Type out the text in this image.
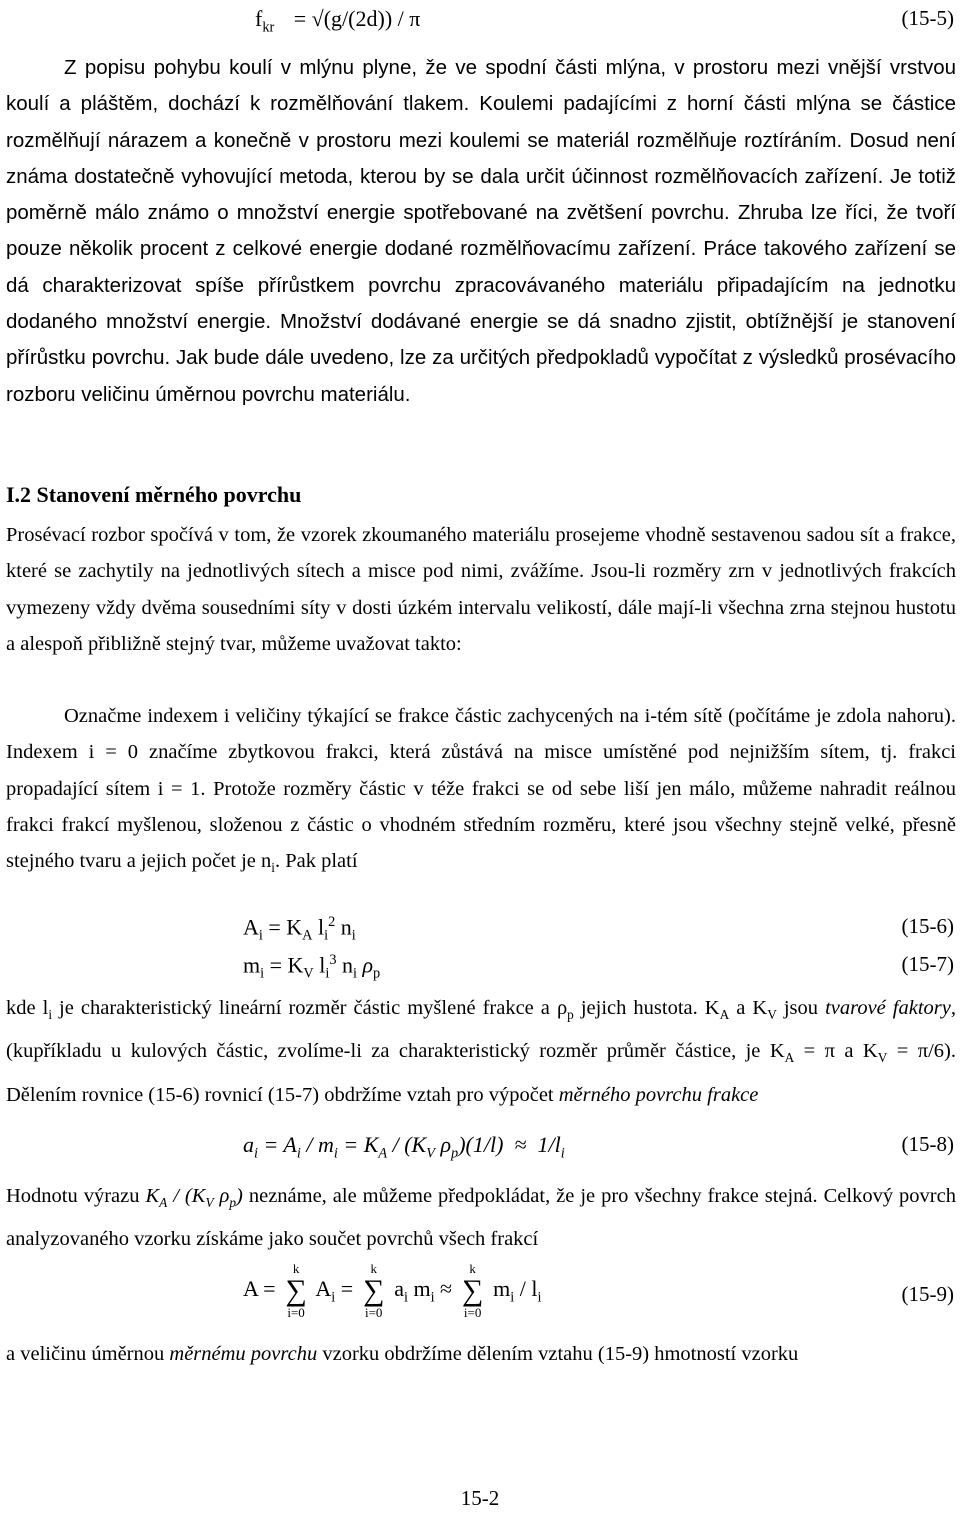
$f_{kr} = √(g/(2d)) / \pi$	(15-5)

Z popisu pohybu koulí v mlýnu plyne, že ve spodní části mlýna, v prostoru mezi vnější vrstvou koulí a pláštěm, dochází k rozmělňování tlakem. Koulemi padajícími z horní části mlýna se částice rozmělňují nárazem a konečně v prostoru mezi koulemi se materiál rozmělňuje roztíráním. Dosud není známa dostatečně vyhovující metoda, kterou by se dala určit účinnost rozmělňovacích zařízení. Je totiž poměrně málo známo o množství energie spotřebované na zvětšení povrchu. Zhruba lze říci, že tvoří pouze několik procent z celkové energie dodané rozmělňovacímu zařízení. Práce takového zařízení se dá charakterizovat spíše přírůstkem povrchu zpracovávaného materiálu připadajícím na jednotku dodaného množství energie. Množství dodávané energie se dá snadno zjistit, obtížnější je stanovení přírůstku povrchu. Jak bude dále uvedeno, lze za určitých předpokladů vypočítat z výsledků prosévacího rozboru veličinu úměrnou povrchu materiálu.

I.2 Stanovení měrného povrchu

Prosévací rozbor spočívá v tom, že vzorek zkoumaného materiálu prosejeme vhodně sestavenou sadou sít a frakce, které se zachytily na jednotlivých sítech a misce pod nimi, zvážíme. Jsou-li rozměry zrn v jednotlivých frakcích vymezeny vždy dvěma sousedními síty v dosti úzkém intervalu velikostí, dále mají-li všechna zrna stejnou hustotu a alespoň přibližně stejný tvar, můžeme uvažovat takto:

Označme indexem i veličiny týkající se frakce částic zachycených na i-tém sítě (počítáme je zdola nahoru). Indexem i = 0 značíme zbytkovou frakci, která zůstává na misce umístěné pod nejnižším sítem, tj. frakci propadající sítem i = 1. Protože rozměry částic v téže frakci se od sebe liší jen málo, můžeme nahradit reálnou frakci frakcí myšlenou, složenou z částic o vhodném středním rozměru, které jsou všechny stejně velké, přesně stejného tvaru a jejich počet je $n_i$. Pak platí

$A_i = K_A$ $l_i^2$ $n_i$	(15-6)
$m_i = K_V$ $l_i^3$ $n_i$ $\rho_p$	(15-7)

kde $l_i$ je charakteristický lineární rozměr částic myšlené frakce a $\rho_p$ jejich hustota. $K_A$ a $K_V$ jsou tvarové faktory, (kupříkladu u kulových částic, zvolíme-li za charakteristický rozměr průměr částice, je $K_A = \pi$ a $K_V = \pi/6$). Dělením rovnice (15-6) rovnicí (15-7) obdržíme vztah pro výpočet měrného povrchu frakce

$a_i = A_i / m_i = K_A / (K_V$ $\rho_p)(1/l) \approx 1/l_i$	(15-8)

Hodnotu výrazu $K_A / (K_V$ $\rho_p$) neznáme, ale můžeme předpokládat, že je pro všechny frakce stejná. Celkový povrch analyzovaného vzorku získáme jako součet povrchů všech frakcí

A =
k
∑
i=0
$A_i$ =
k
∑
i=0
$a_i$ $m_i$ ≈
k
∑
i=0
$m_i / l_i$	(15-9)

a veličinu úměrnou měrnému povrchu vzorku obdržíme dělením vztahu (15-9) hmotností vzorku

15-2
